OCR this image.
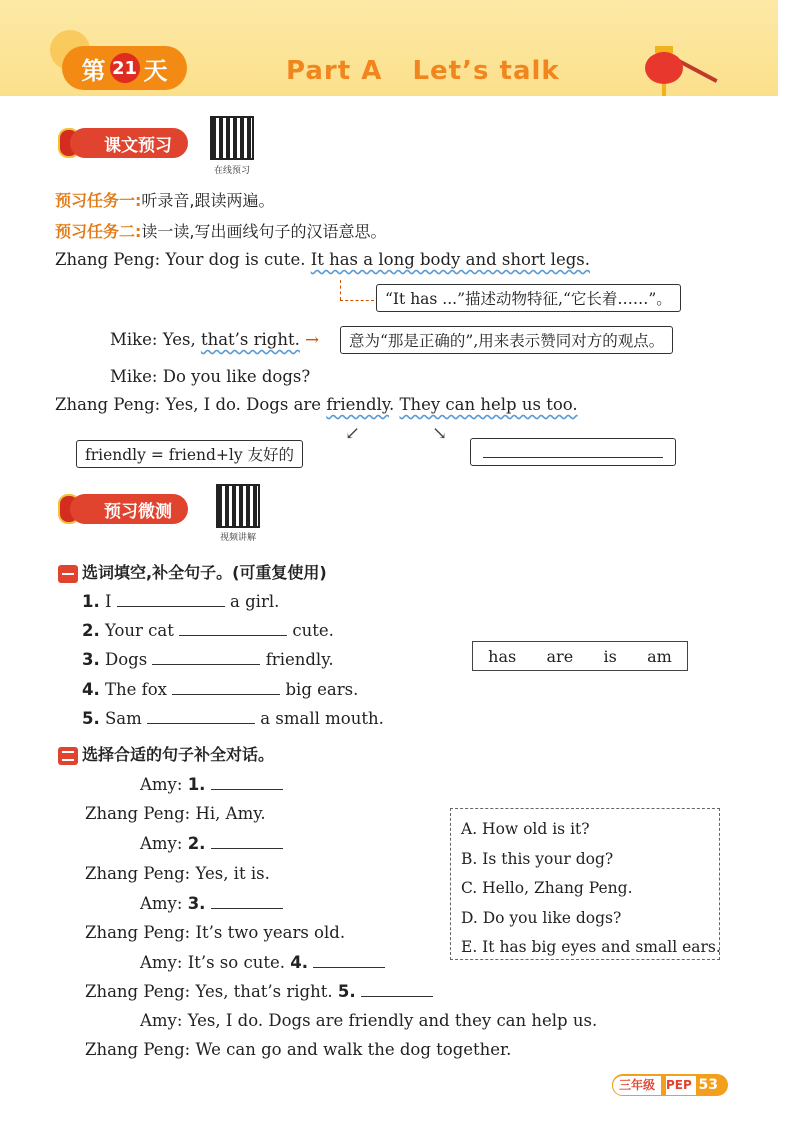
第 21 天	Part A   Let’s talk
课文预习
在线预习
预习任务一:听录音,跟读两遍。
预习任务二:读一读,写出画线句子的汉语意思。
Zhang Peng: Your dog is cute. It has a long body and short legs.
“It has ...”描述动物特征,“它长着……”。
Mike: Yes, that’s right. →	意为“那是正确的”,用来表示赞同对方的观点。
Mike: Do you like dogs?
Zhang Peng: Yes, I do. Dogs are friendly. They can help us too.
↙	↘
friendly = friend+ly 友好的
预习微测
视频讲解
选词填空,补全句子。(可重复使用)
1. I	a girl.
2. Your cat	cute.
3. Dogs	friendly.
4. The fox	big ears.
5. Sam	a small mouth.
has are is am
选择合适的句子补全对话。
Amy: 1.
Zhang Peng: Hi, Amy.
Amy: 2.
Zhang Peng: Yes, it is.
Amy: 3.
Zhang Peng: It’s two years old.
Amy: It’s so cute. 4.
Zhang Peng: Yes, that’s right. 5.
Amy: Yes, I do. Dogs are friendly and they can help us.
Zhang Peng: We can go and walk the dog together.
A. How old is it?
B. Is this your dog?
C. Hello, Zhang Peng.
D. Do you like dogs?
E. It has big eyes and small ears.
三年级 PEP 53
